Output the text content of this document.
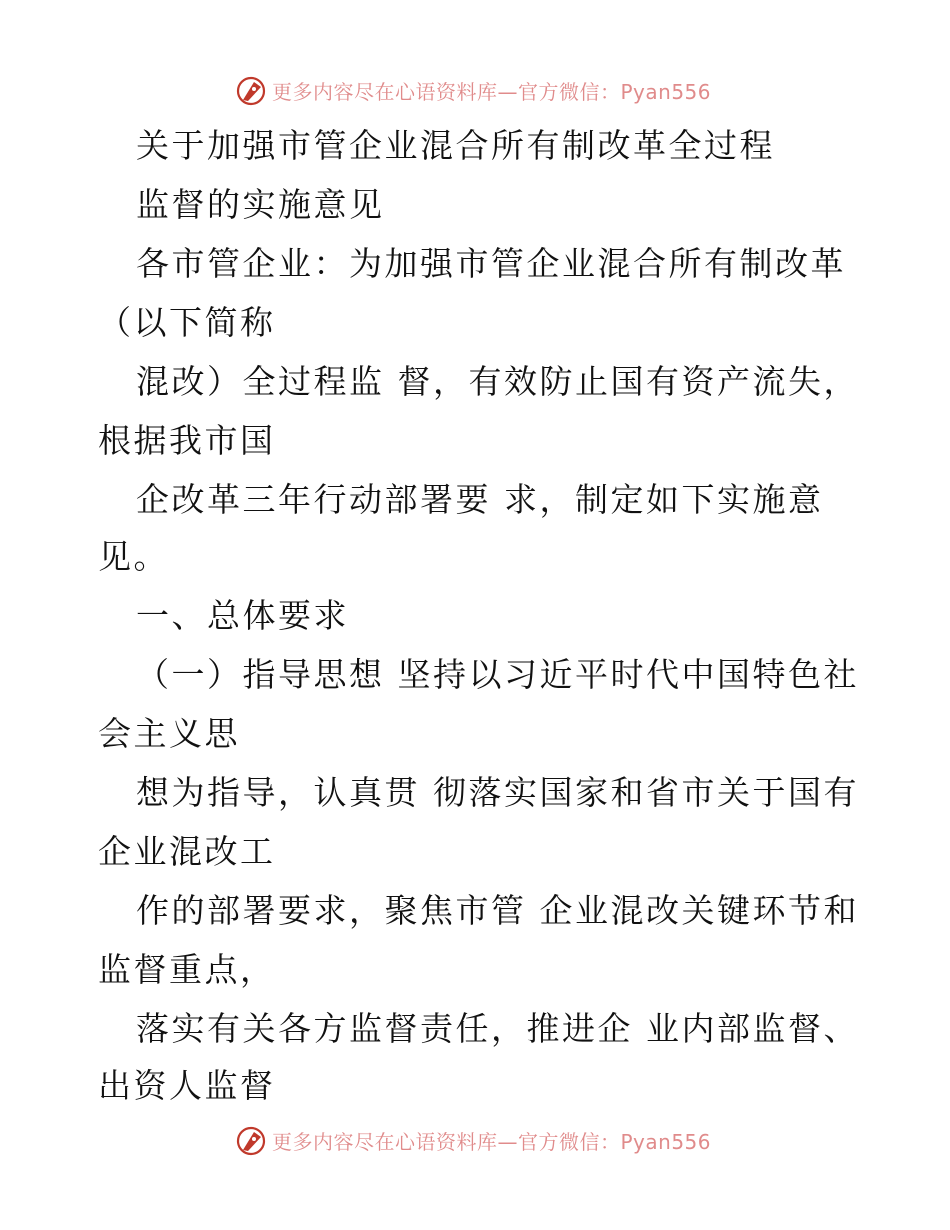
更多内容尽在心语资料库—官方微信：Pyan556
关于加强市管企业混合所有制改革全过程
监督的实施意见
各市管企业：为加强市管企业混合所有制改革
（以下简称
混改）全过程监 督，有效防止国有资产流失，
根据我市国
企改革三年行动部署要 求，制定如下实施意
见。
一、总体要求
（一）指导思想 坚持以习近平时代中国特色社
会主义思
想为指导，认真贯 彻落实国家和省市关于国有
企业混改工
作的部署要求，聚焦市管 企业混改关键环节和
监督重点，
落实有关各方监督责任，推进企 业内部监督、
出资人监督
更多内容尽在心语资料库—官方微信：Pyan556
